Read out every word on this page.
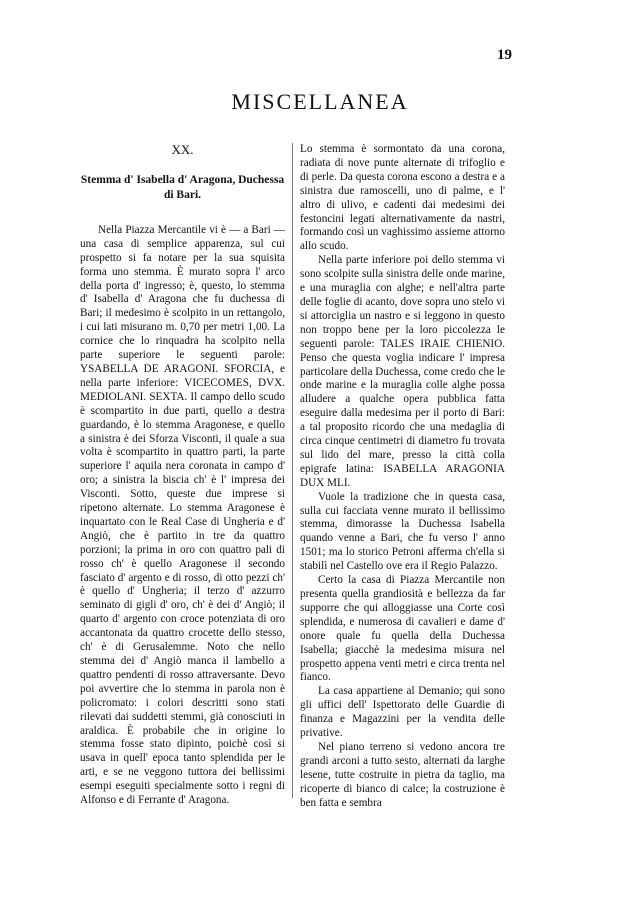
19
MISCELLANEA
XX.
Stemma d' Isabella d' Aragona, Duchessa di Bari.

Nella Piazza Mercantile vi è — a Bari — una casa di semplice apparenza, sul cui prospetto si fa notare per la sua squisita forma uno stemma. È murato sopra l' arco della porta d' ingresso; è, questo, lo stemma d' Isabella d' Aragona che fu duchessa di Bari; il medesimo è scolpito in un rettangolo, i cui lati misurano m. 0,70 per metri 1,00. La cornice che lo rinquadra ha scolpito nella parte superiore le seguenti parole: YSABELLA DE ARAGONI. SFORCIA, e nella parte inferiore: VICECOMES, DVX. MEDIOLANI. SEXTA. Il campo dello scudo è scompartito in due parti, quello a destra guardando, è lo stemma Aragonese, e quello a sinistra è dei Sforza Visconti, il quale a sua volta è scompartito in quattro parti, la parte superiore l' aquila nera coronata in campo d' oro; a sinistra la biscia ch' è l' impresa dei Visconti. Sotto, queste due imprese si ripetono alternate. Lo stemma Aragonese è inquartato con le Real Case di Ungheria e d' Angiò, che è partito in tre da quattro porzioni; la prima in oro con quattro pali di rosso ch' è quello Aragonese il secondo fasciato d' argento e di rosso, di otto pezzi ch' è quello d' Ungheria; il terzo d' azzurro seminato di gigli d' oro, ch' è dei d' Angiò; il quarto d' argento con croce potenziata di oro accantonata da quattro crocette dello stesso, ch' è di Gerusalemme. Noto che nello stemma dei d' Angiò manca il lambello a quattro pendenti di rosso attraversante. Devo poi avvertire che lo stemma in parola non è policromato: i colori descritti sono stati rilevati dai suddetti stemmi, già conosciuti in araldica. È probabile che in origine lo stemma fosse stato dipinto, poichè così si usava in quell' epoca tanto splendida per le arti, e se ne veggono tuttora dei bellissimi esempi eseguiti specialmente sotto i regni di Alfonso e di Ferrante d' Aragona.

Lo stemma è sormontato da una corona, radiata di nove punte alternate di trifoglio e di perle. Da questa corona escono a destra e a sinistra due ramoscelli, uno di palme, e l' altro di ulivo, e cadenti dai medesimi dei festoncini legati alternativamente da nastri, formando così un vaghissimo assieme attorno allo scudo.

Nella parte inferiore poi dello stemma vi sono scolpite sulla sinistra delle onde marine, e una muraglia con alghe; e nell'altra parte delle foglie di acanto, dove sopra uno stelo vi si attorciglia un nastro e si leggono in questo non troppo bene per la loro piccolezza le seguenti parole: TALES IRAIE CHIENIO. Penso che questa voglia indicare l' impresa particolare della Duchessa, come credo che le onde marine e la muraglia colle alghe possa alludere a qualche opera pubblica fatta eseguire dalla medesima per il porto di Bari: a tal proposito ricordo che una medaglia di circa cinque centimetri di diametro fu trovata sul lido del mare, presso la città colla epigrafe latina: ISABELLA ARAGONIA DUX MLI.

Vuole la tradizione che in questa casa, sulla cui facciata venne murato il bellissimo stemma, dimorasse la Duchessa Isabella quando venne a Bari, che fu verso l' anno 1501; ma lo storico Petroni afferma ch'ella si stabilì nel Castello ove era il Regio Palazzo.

Certo la casa di Piazza Mercantile non presenta quella grandiosità e bellezza da far supporre che qui alloggiasse una Corte così splendida, e numerosa di cavalieri e dame d' onore quale fu quella della Duchessa Isabella; giacchè la medesima misura nel prospetto appena venti metri e circa trenta nel fianco.

La casa appartiene al Demanio; qui sono gli uffici dell' Ispettorato delle Guardie di finanza e Magazzini per la vendita delle privative.

Nel piano terreno si vedono ancora tre grandi arconi a tutto sesto, alternati da larghe lesene, tutte costruite in pietra da taglio, ma ricoperte di bianco di calce; la costruzione è ben fatta e sembra
